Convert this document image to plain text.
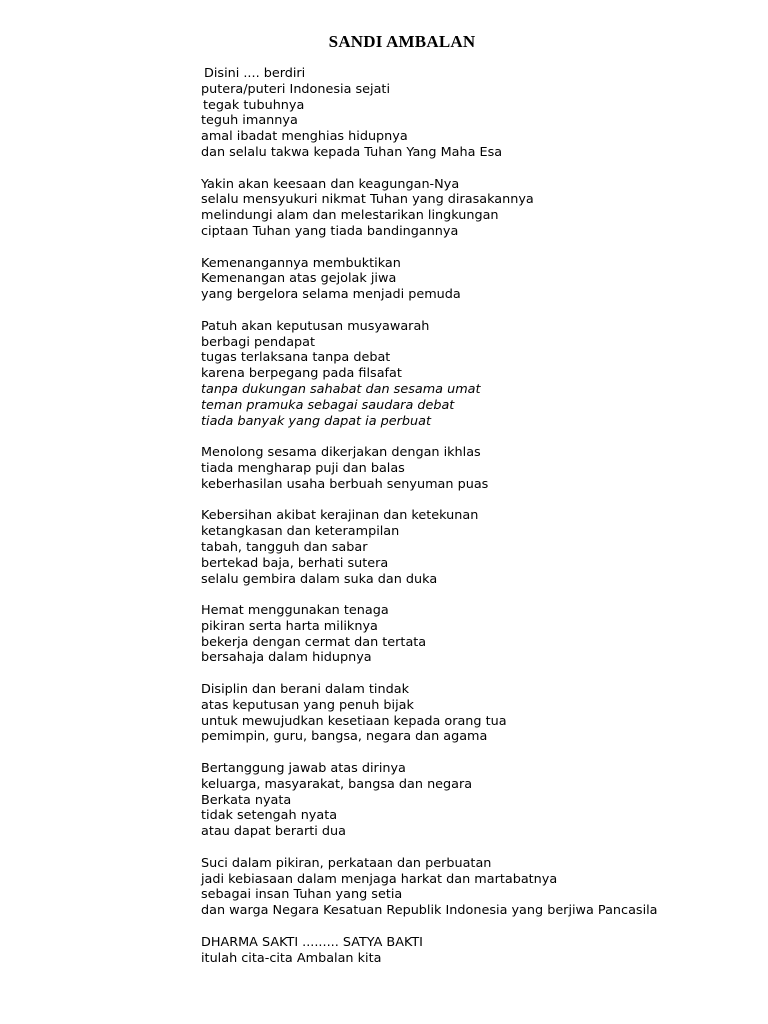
SANDI AMBALAN
Disini .... berdiri
putera/puteri Indonesia sejati
tegak tubuhnya
teguh imannya
amal ibadat menghias hidupnya
dan selalu takwa kepada Tuhan Yang Maha Esa
Yakin akan keesaan dan keagungan-Nya
selalu mensyukuri nikmat Tuhan yang dirasakannya
melindungi alam dan melestarikan lingkungan
ciptaan Tuhan yang tiada bandingannya
Kemenangannya membuktikan
Kemenangan atas gejolak jiwa
yang bergelora selama menjadi pemuda
Patuh akan keputusan musyawarah
berbagi pendapat
tugas terlaksana tanpa debat
karena berpegang pada filsafat
tanpa dukungan sahabat dan sesama umat
teman pramuka sebagai saudara debat
tiada banyak yang dapat ia perbuat
Menolong sesama dikerjakan dengan ikhlas
tiada mengharap puji dan balas
keberhasilan usaha berbuah senyuman puas
Kebersihan akibat kerajinan dan ketekunan
ketangkasan dan keterampilan
tabah, tangguh dan sabar
bertekad baja, berhati sutera
selalu gembira dalam suka dan duka
Hemat menggunakan tenaga
pikiran serta harta miliknya
bekerja dengan cermat dan tertata
bersahaja dalam hidupnya
Disiplin dan berani dalam tindak
atas keputusan yang penuh bijak
untuk mewujudkan kesetiaan kepada orang tua
pemimpin, guru, bangsa, negara dan agama
Bertanggung jawab atas dirinya
keluarga, masyarakat, bangsa dan negara
Berkata nyata
tidak setengah nyata
atau dapat berarti dua
Suci dalam pikiran, perkataan dan perbuatan
jadi kebiasaan dalam menjaga harkat dan martabatnya
sebagai insan Tuhan yang setia
dan warga Negara Kesatuan Republik Indonesia yang berjiwa Pancasila
DHARMA SAKTI ......... SATYA BAKTI
itulah cita-cita Ambalan kita
